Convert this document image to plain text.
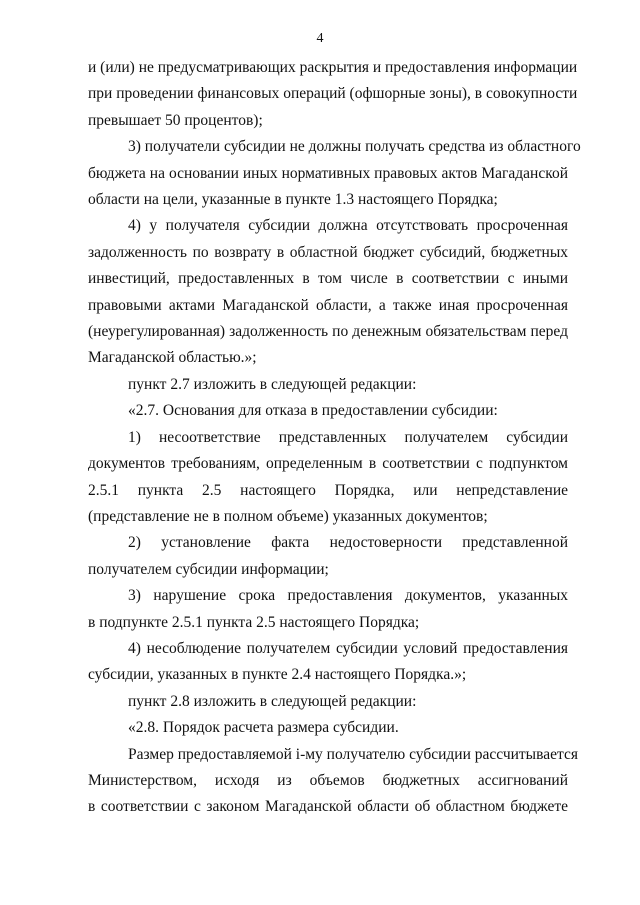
4
и (или) не предусматривающих раскрытия и предоставления информации
при проведении финансовых операций (офшорные зоны), в совокупности
превышает 50 процентов);
3) получатели субсидии не должны получать средства из областного
бюджета на основании иных нормативных правовых актов Магаданской
области на цели, указанные в пункте 1.3 настоящего Порядка;
4) у получателя субсидии должна отсутствовать просроченная
задолженность по возврату в областной бюджет субсидий, бюджетных
инвестиций, предоставленных в том числе в соответствии с иными
правовыми актами Магаданской области, а также иная просроченная
(неурегулированная) задолженность по денежным обязательствам перед
Магаданской областью.»;
пункт 2.7 изложить в следующей редакции:
«2.7. Основания для отказа в предоставлении субсидии:
1) несоответствие представленных получателем субсидии
документов требованиям, определенным в соответствии с подпунктом
2.5.1 пункта 2.5 настоящего Порядка, или непредставление
(представление не в полном объеме) указанных документов;
2) установление факта недостоверности представленной
получателем субсидии информации;
3) нарушение срока предоставления документов, указанных
в подпункте 2.5.1 пункта 2.5 настоящего Порядка;
4) несоблюдение получателем субсидии условий предоставления
субсидии, указанных в пункте 2.4 настоящего Порядка.»;
пункт 2.8 изложить в следующей редакции:
«2.8. Порядок расчета размера субсидии.
Размер предоставляемой i-му получателю субсидии рассчитывается
Министерством, исходя из объемов бюджетных ассигнований
в соответствии с законом Магаданской области об областном бюджете
